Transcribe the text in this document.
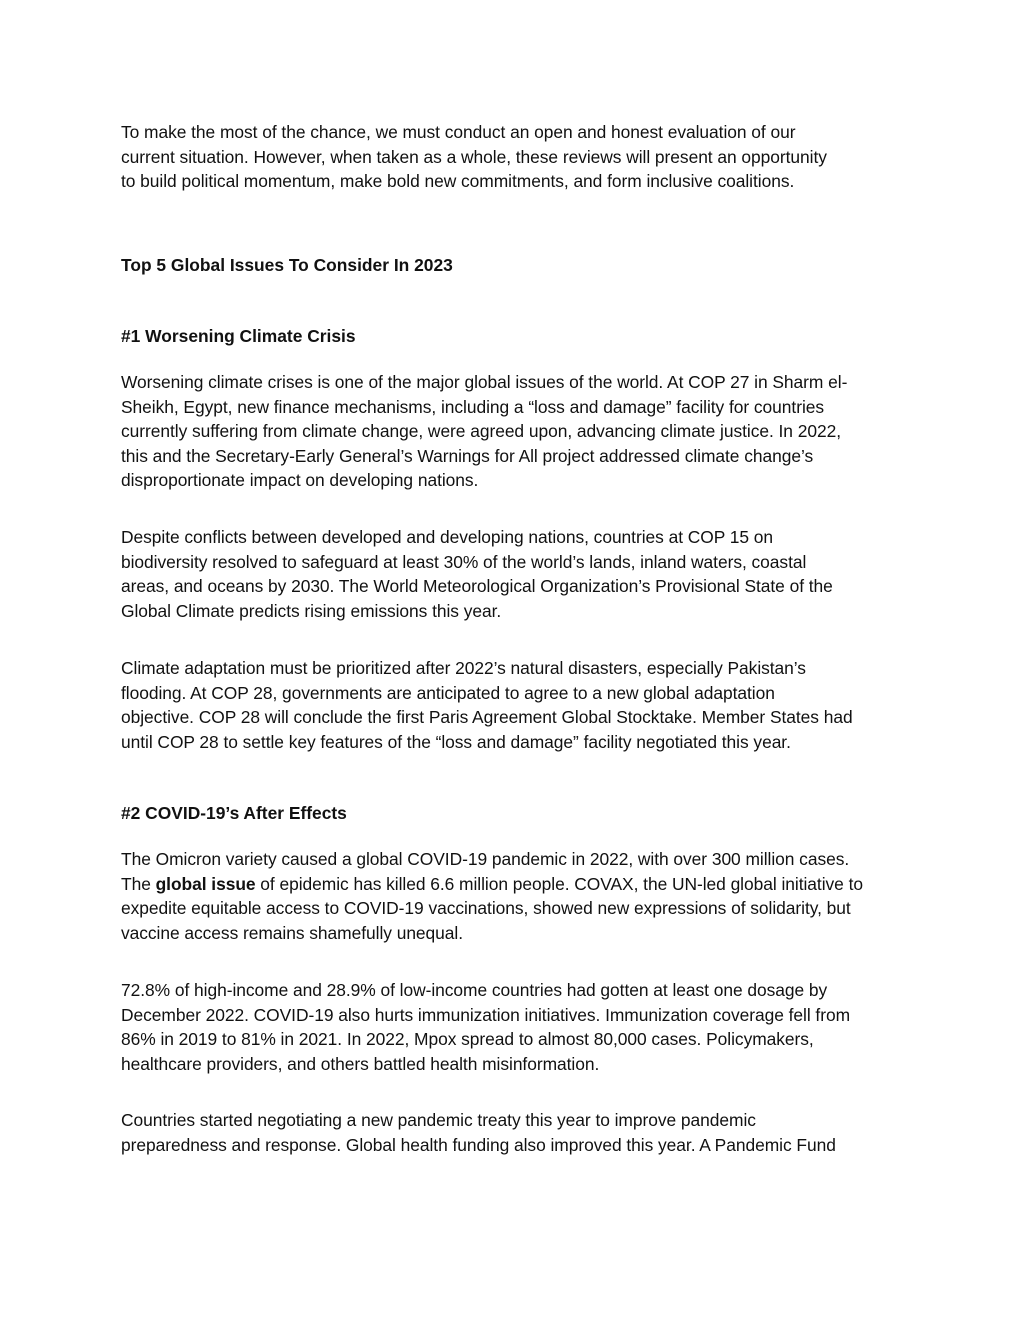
To make the most of the chance, we must conduct an open and honest evaluation of our
current situation. However, when taken as a whole, these reviews will present an opportunity
to build political momentum, make bold new commitments, and form inclusive coalitions.

Top 5 Global Issues To Consider In 2023
#1 Worsening Climate Crisis

Worsening climate crises is one of the major global issues of the world. At COP 27 in Sharm el-
Sheikh, Egypt, new finance mechanisms, including a “loss and damage” facility for countries
currently suffering from climate change, were agreed upon, advancing climate justice. In 2022,
this and the Secretary-Early General’s Warnings for All project addressed climate change’s
disproportionate impact on developing nations.

Despite conflicts between developed and developing nations, countries at COP 15 on
biodiversity resolved to safeguard at least 30% of the world’s lands, inland waters, coastal
areas, and oceans by 2030. The World Meteorological Organization’s Provisional State of the
Global Climate predicts rising emissions this year.

Climate adaptation must be prioritized after 2022’s natural disasters, especially Pakistan’s
flooding. At COP 28, governments are anticipated to agree to a new global adaptation
objective. COP 28 will conclude the first Paris Agreement Global Stocktake. Member States had
until COP 28 to settle key features of the “loss and damage” facility negotiated this year.

#2 COVID-19’s After Effects

The Omicron variety caused a global COVID-19 pandemic in 2022, with over 300 million cases.
The global issue of epidemic has killed 6.6 million people. COVAX, the UN-led global initiative to
expedite equitable access to COVID-19 vaccinations, showed new expressions of solidarity, but
vaccine access remains shamefully unequal.

72.8% of high-income and 28.9% of low-income countries had gotten at least one dosage by
December 2022. COVID-19 also hurts immunization initiatives. Immunization coverage fell from
86% in 2019 to 81% in 2021. In 2022, Mpox spread to almost 80,000 cases. Policymakers,
healthcare providers, and others battled health misinformation.

Countries started negotiating a new pandemic treaty this year to improve pandemic
preparedness and response. Global health funding also improved this year. A Pandemic Fund
